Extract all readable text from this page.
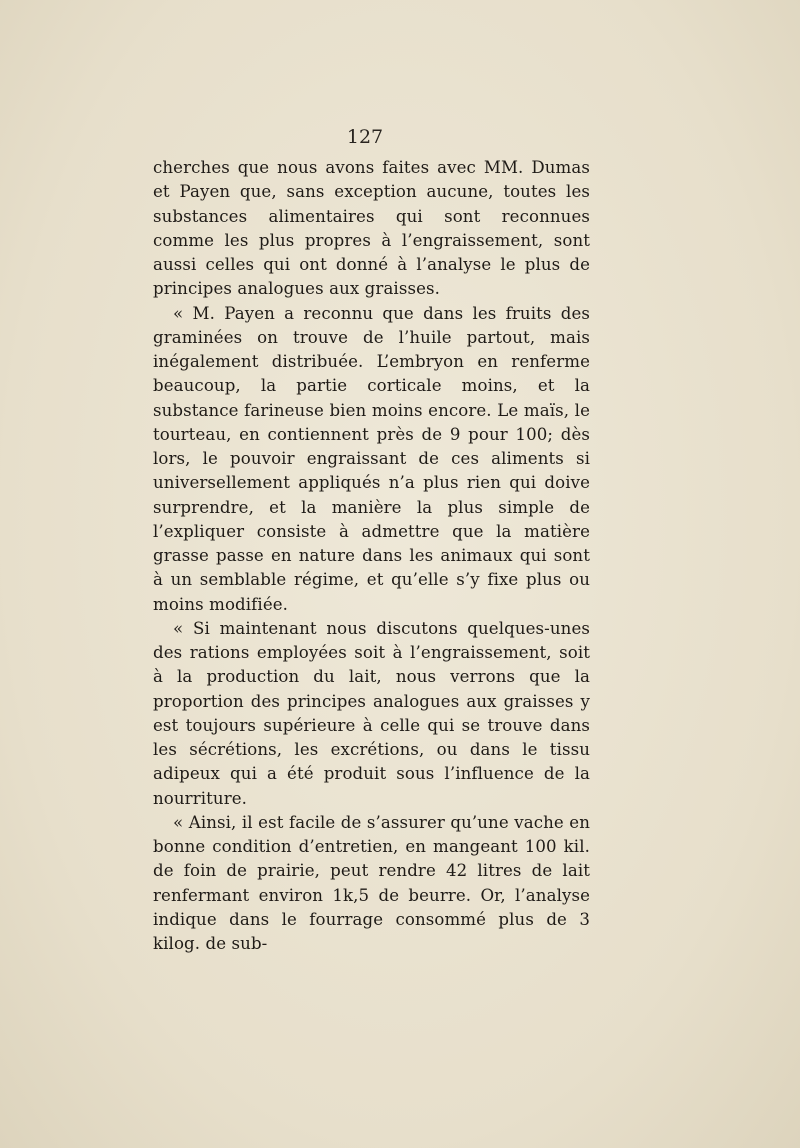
127

cherches que nous avons faites avec MM. Dumas et Payen que, sans exception aucune, toutes les substances alimentaires qui sont reconnues comme les plus propres à l’engraissement, sont aussi celles qui ont donné à l’analyse le plus de principes analogues aux graisses.

« M. Payen a reconnu que dans les fruits des graminées on trouve de l’huile partout, mais inégalement distribuée. L’embryon en renferme beaucoup, la partie corticale moins, et la substance farineuse bien moins encore. Le maïs, le tourteau, en contiennent près de 9 pour 100; dès lors, le pouvoir engraissant de ces aliments si universellement appliqués n’a plus rien qui doive surprendre, et la manière la plus simple de l’expliquer consiste à admettre que la matière grasse passe en nature dans les animaux qui sont à un semblable régime, et qu’elle s’y fixe plus ou moins modifiée.

« Si maintenant nous discutons quelques-unes des rations employées soit à l’engraissement, soit à la production du lait, nous verrons que la proportion des principes analogues aux graisses y est toujours supérieure à celle qui se trouve dans les sécrétions, les excrétions, ou dans le tissu adipeux qui a été produit sous l’influence de la nourriture.

« Ainsi, il est facile de s’assurer qu’une vache en bonne condition d’entretien, en mangeant 100 kil. de foin de prairie, peut rendre 42 litres de lait renfermant environ 1k,5 de beurre. Or, l’analyse indique dans le fourrage consommé plus de 3 kilog. de sub-
